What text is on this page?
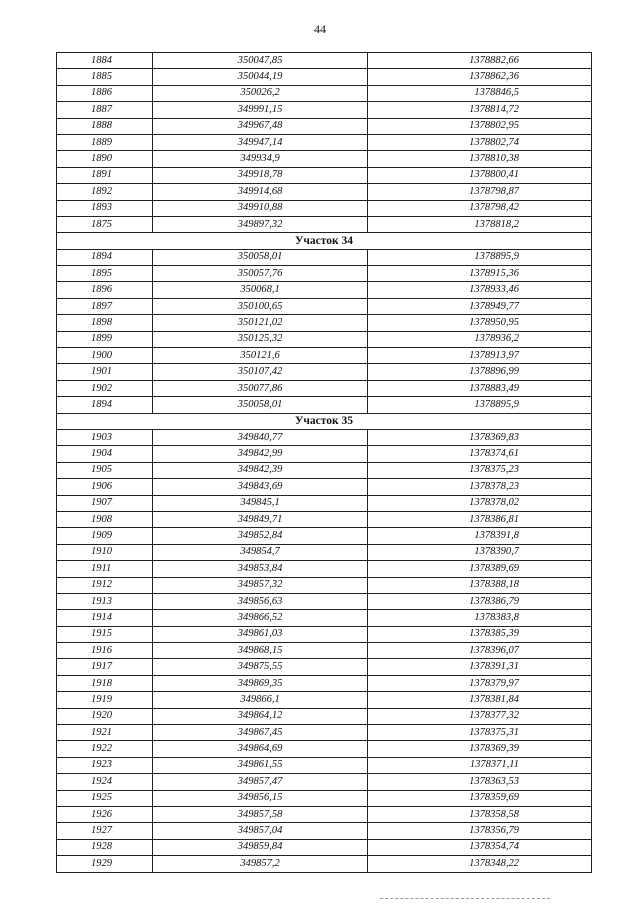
44
1884	350047,85	1378882,66
1885	350044,19	1378862,36
1886	350026,2	1378846,5
1887	349991,15	1378814,72
1888	349967,48	1378802,95
1889	349947,14	1378802,74
1890	349934,9	1378810,38
1891	349918,78	1378800,41
1892	349914,68	1378798,87
1893	349910,88	1378798,42
1875	349897,32	1378818,2
Участок 34		
1894	350058,01	1378895,9
1895	350057,76	1378915,36
1896	350068,1	1378933,46
1897	350100,65	1378949,77
1898	350121,02	1378950,95
1899	350125,32	1378936,2
1900	350121,6	1378913,97
1901	350107,42	1378896,99
1902	350077,86	1378883,49
1894	350058,01	1378895,9
Участок 35		
1903	349840,77	1378369,83
1904	349842,99	1378374,61
1905	349842,39	1378375,23
1906	349843,69	1378378,23
1907	349845,1	1378378,02
1908	349849,71	1378386,81
1909	349852,84	1378391,8
1910	349854,7	1378390,7
1911	349853,84	1378389,69
1912	349857,32	1378388,18
1913	349856,63	1378386,79
1914	349866,52	1378383,8
1915	349861,03	1378385,39
1916	349868,15	1378396,07
1917	349875,55	1378391,31
1918	349869,35	1378379,97
1919	349866,1	1378381,84
1920	349864,12	1378377,32
1921	349867,45	1378375,31
1922	349864,69	1378369,39
1923	349861,55	1378371,11
1924	349857,47	1378363,53
1925	349856,15	1378359,69
1926	349857,58	1378358,58
1927	349857,04	1378356,79
1928	349859,84	1378354,74
1929	349857,2	1378348,22
